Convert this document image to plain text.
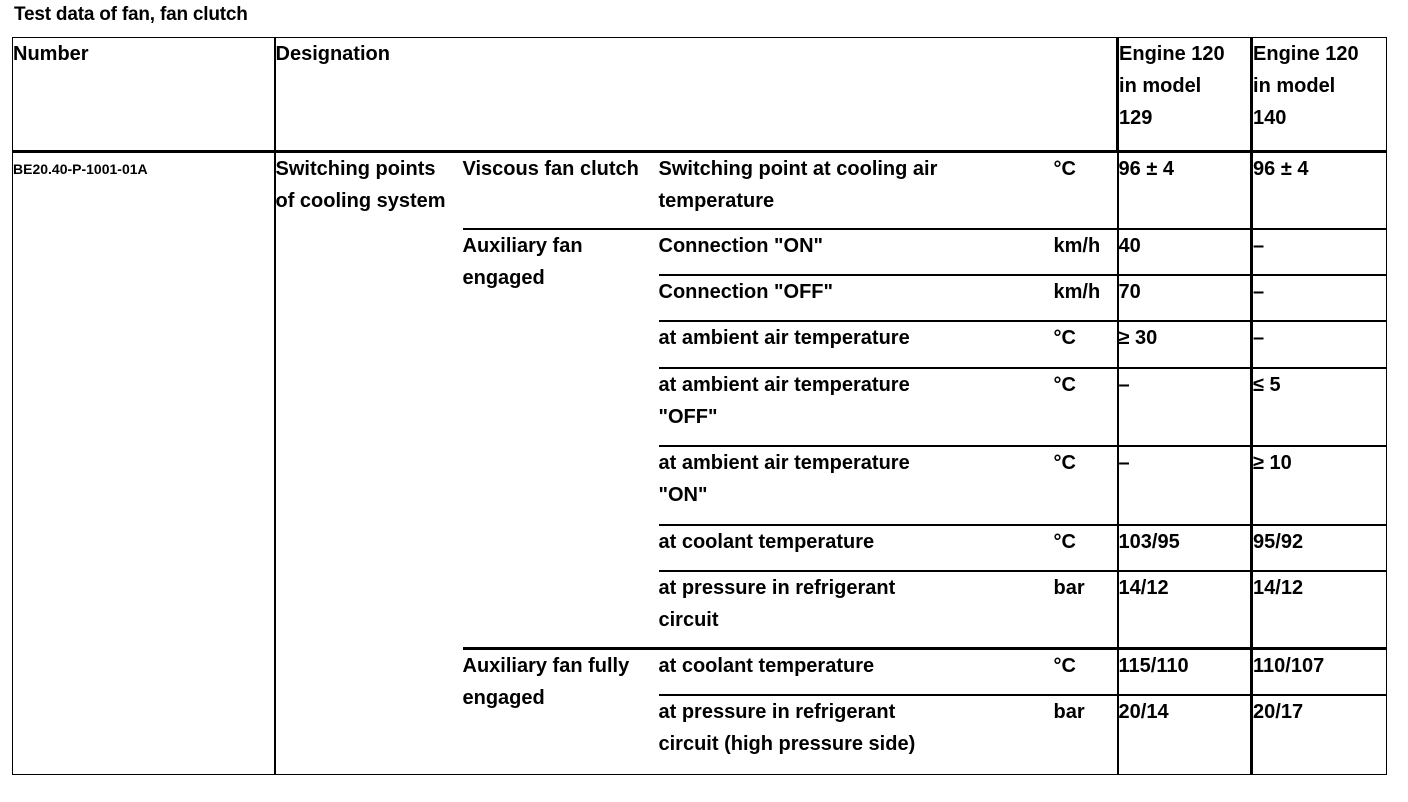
Test data of fan, fan clutch
Number	Designation				Engine 120
in model
129	Engine 120
in model
140
BE20.40-P-1001-01A	Switching points
of cooling system	Viscous fan clutch	Switching point at cooling air
temperature	°C	96 ± 4	96 ± 4
		Auxiliary fan
engaged	Connection "ON"	km/h	40	–
			Connection "OFF"	km/h	70	–
			at ambient air temperature	°C	≥ 30	–
			at ambient air temperature
"OFF"	°C	–	≤ 5
			at ambient air temperature
"ON"	°C	–	≥ 10
			at coolant temperature	°C	103/95	95/92
			at pressure in refrigerant
circuit	bar	14/12	14/12
		Auxiliary fan fully
engaged	at coolant temperature	°C	115/110	110/107
			at pressure in refrigerant
circuit (high pressure side)	bar	20/14	20/17
